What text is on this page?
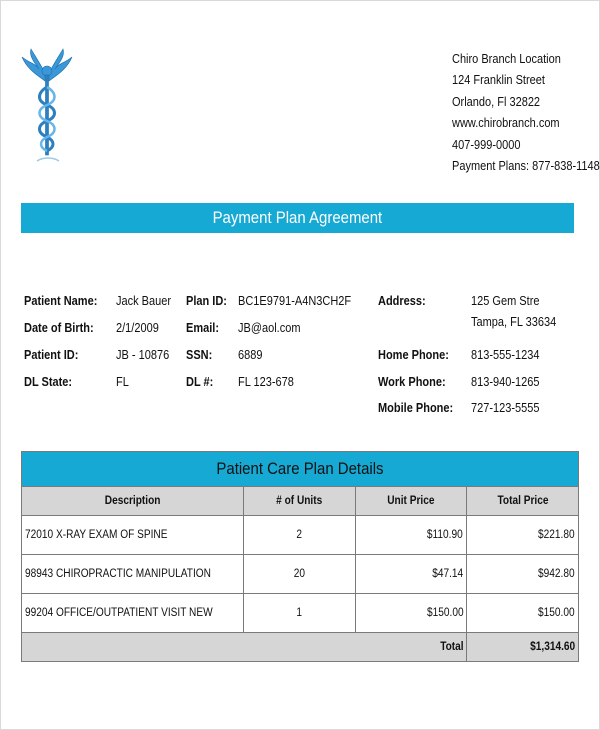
Chiro Branch Location
124 Franklin Street
Orlando, Fl 32822
www.chirobranch.com
407-999-0000
Payment Plans: 877-838-1148
Payment Plan Agreement
Patient Name:	Jack Bauer
Date of Birth:	2/1/2009
Patient ID:	JB - 10876
DL State:	FL
Plan ID: BC1E9791-A4N3CH2F
Email:	JB@aol.com
SSN: 6889
DL #: FL 123-678
Address:	125 Gem Stre
Tampa, FL 33634
Home Phone:	813-555-1234
Work Phone:	813-940-1265
Mobile Phone:	727-123-5555
Patient Care Plan Details			
Description	# of Units	Unit Price	Total Price
72010 X-RAY EXAM OF SPINE	2	$110.90	$221.80
98943 CHIROPRACTIC MANIPULATION	20	$47.14	$942.80
99204 OFFICE/OUTPATIENT VISIT NEW	1	$150.00	$150.00
Total			$1,314.60
